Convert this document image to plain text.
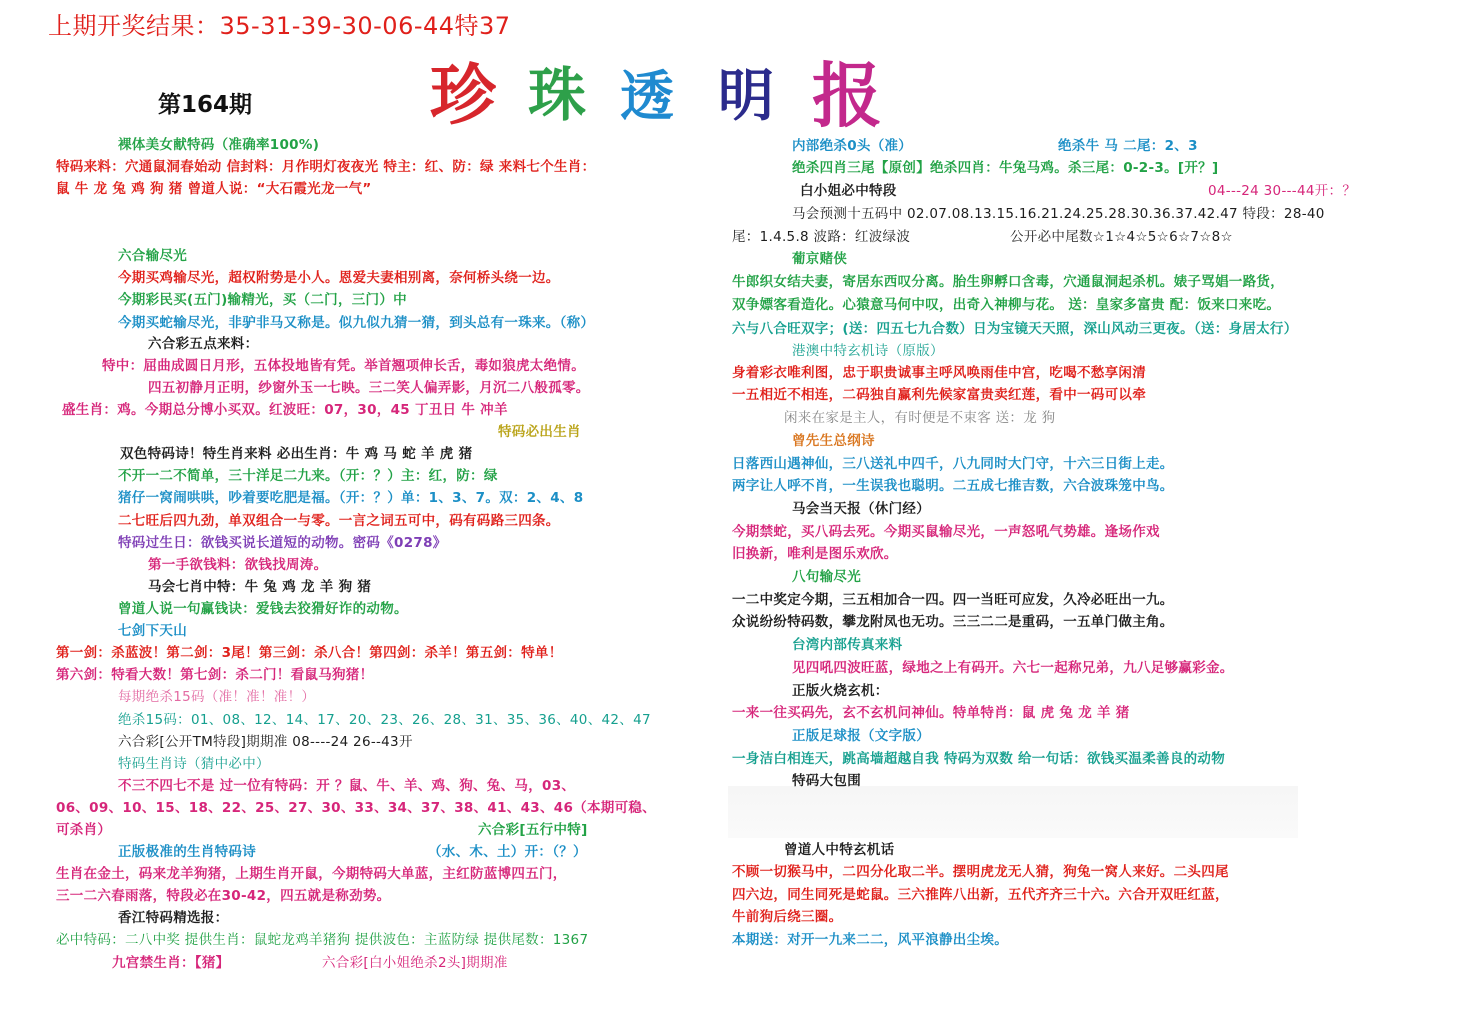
上期开奖结果：35-31-39-30-06-44特37
珍 珠 透 明 报
第164期
裸体美女献特码（准确率100%)
特码来料：穴通鼠洞春始动 信封料：月作明灯夜夜光 特主：红、防：绿 来料七个生肖：
鼠 牛 龙 兔 鸡 狗 猪 曾道人说：“大石霞光龙一气”
六合输尽光
今期买鸡输尽光，超权附势是小人。恩爱夫妻相别离，奈何桥头绕一边。
今期彩民买(五门)输精光，买（二门，三门）中
今期买蛇输尽光，非驴非马又称是。似九似九猜一猜，到头总有一珠来。（称）
六合彩五点来料：
特中：屈曲成圆日月形，五体投地皆有凭。举首翘项伸长舌，毒如狼虎太绝情。
四五初静月正明，纱窗外玉一七映。三二笑人偏弄影，月沉二八般孤零。
盛生肖：鸡。今期总分博小买双。红波旺：07，30，45 丁丑日 牛 冲羊
特码必出生肖
双色特码诗！特生肖来料 必出生肖：牛 鸡 马 蛇 羊 虎 猪
不开一二不简单，三十洋足二九来。（开：？）主：红，防：绿
猪仔一窝闹哄哄，吵着要吃肥是福。（开：？）单：1、3、7。双：2、4、8
二七旺后四九劲，单双组合一与零。一言之词五可中，码有码路三四条。
特码过生日：欲钱买说长道短的动物。密码《0278》
第一手欲钱料：欲钱找周涛。
马会七肖中特：牛 兔 鸡 龙 羊 狗 猪
曾道人说一句赢钱诀：爱钱去狡猾好诈的动物。
七剑下天山
第一剑：杀蓝波！第二剑：3尾！第三剑：杀八合！第四剑：杀羊！第五剑：特单！
第六剑：特看大数！第七剑：杀二门！看鼠马狗猪！
每期绝杀15码（准！准！准！）
绝杀15码：01、08、12、14、17、20、23、26、28、31、35、36、40、42、47
六合彩[公开TM特段]期期准 08----24 26--43开
特码生肖诗（猜中必中）
不三不四七不是 过一位有特码：开 ？鼠、牛、羊、鸡、狗、兔、马，03、
06、09、10、15、18、22、25、27、30、33、34、37、38、41、43、46（本期可稳、
可杀肖）	六合彩[五行中特]
正版极准的生肖特码诗	（水、木、土）开：（？）
生肖在金土，码来龙羊狗猪，上期生肖开鼠，今期特码大单蓝，主红防蓝博四五门，
三一二六春雨落，特段必在30-42，四五就是称劲势。
香江特码精选报：
必中特码：二八中奖 提供生肖：鼠蛇龙鸡羊猪狗 提供波色：主蓝防绿 提供尾数：1367
九宫禁生肖：【猪】	六合彩[白小姐绝杀2头]期期准
内部绝杀0头（准）	绝杀牛 马 二尾：2、3
绝杀四肖三尾【原创】绝杀四肖：牛兔马鸡。杀三尾：0-2-3。[开？]
白小姐必中特段	04---24 30---44开：？
马会预测十五码中 02.07.08.13.15.16.21.24.25.28.30.36.37.42.47 特段：28-40
尾：1.4.5.8 波路：红波绿波	公开必中尾数☆1☆4☆5☆6☆7☆8☆
葡京赌侠
牛郎织女结夫妻，寄居东西叹分离。胎生卵孵口含毒，穴通鼠洞起杀机。婊子骂娼一路货，
双争嫖客看造化。心猿意马何中叹，出奇入神柳与花。 送：皇家多富贵 配：饭来口来吃。
六与八合旺双字；(送：四五七九合数）日为宝镜天天照，深山风动三更夜。（送：身居太行）
港澳中特玄机诗（原版）
身着彩衣唯利图，忠于职贵诚事主呼风唤雨佳中宫，吃喝不愁享闲清
一五相近不相连，二码独自赢利先候家富贵卖红莲，看中一码可以牵
闲来在家是主人，有时便是不束客 送：龙 狗
曾先生总纲诗
日落西山遇神仙，三八送礼中四千，八九同时大门守，十六三日街上走。
两字让人呼不肖，一生误我也聪明。二五成七推吉数，六合波珠笼中鸟。
马会当天报（休门经）
今期禁蛇，买八码去死。今期买鼠输尽光，一声怒吼气势雄。逢场作戏
旧换新，唯利是图乐欢欣。
八句输尽光
一二中奖定今期，三五相加合一四。四一当旺可应发，久冷必旺出一九。
众说纷纷特码数，攀龙附凤也无功。三三二二是重码，一五单门做主角。
台湾内部传真来料
见四吼四波旺蓝，绿地之上有码开。六七一起称兄弟，九八足够赢彩金。
正版火烧玄机：
一来一往买码先，玄不玄机问神仙。特单特肖：鼠 虎 兔 龙 羊 猪
正版足球报（文字版）
一身洁白相连天，跳高墙超越自我 特码为双数 给一句话：欲钱买温柔善良的动物
特码大包围
曾道人中特玄机话
不顾一切猴马中，二四分化取二半。摆明虎龙无人猜，狗兔一窝人来好。二头四尾
四六边，同生同死是蛇鼠。三六推阵八出新，五代齐齐三十六。六合开双旺红蓝，
牛前狗后绕三圈。
本期送：对开一九来二二，风平浪静出尘埃。
